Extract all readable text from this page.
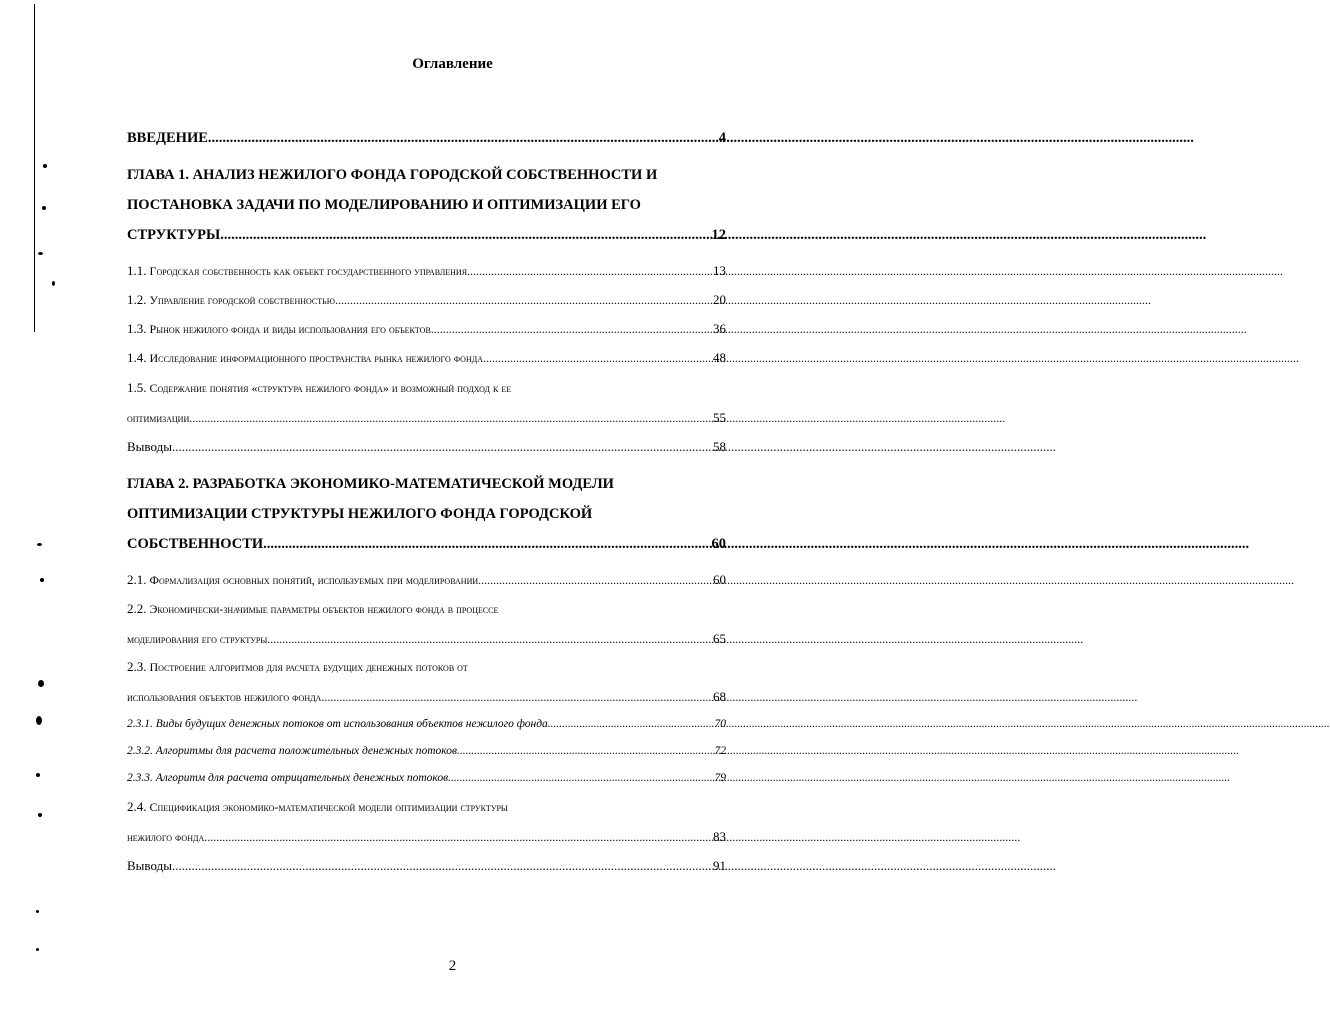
Оглавление
ВВЕДЕНИЕ .....	4
ГЛАВА 1. АНАЛИЗ НЕЖИЛОГО ФОНДА ГОРОДСКОЙ СОБСТВЕННОСТИ И
ПОСТАНОВКА ЗАДАЧИ ПО МОДЕЛИРОВАНИЮ И ОПТИМИЗАЦИИ ЕГО
СТРУКТУРЫ .....	12
1.1. Городская собственность как объект государственного управления .....	13
1.2. Управление городской собственностью .....	20
1.3. Рынок нежилого фонда и виды использования его объектов .....	36
1.4. Исследование информационного пространства рынка нежилого фонда .....	48
1.5. Содержание понятия «структура нежилого фонда» и возможный подход к ее
оптимизации .....	55
Выводы .....	58
ГЛАВА 2. РАЗРАБОТКА ЭКОНОМИКО-МАТЕМАТИЧЕСКОЙ МОДЕЛИ
ОПТИМИЗАЦИИ СТРУКТУРЫ НЕЖИЛОГО ФОНДА ГОРОДСКОЙ
СОБСТВЕННОСТИ .....	60
2.1. Формализация основных понятий, используемых при моделировании .....	60
2.2. Экономически-значимые параметры объектов нежилого фонда в процессе
моделирования его структуры .....	65
2.3. Построение алгоритмов для расчета будущих денежных потоков от
использования объектов нежилого фонда .....	68
2.3.1. Виды будущих денежных потоков от использования объектов нежилого фонда .....	70
2.3.2. Алгоритмы для расчета положительных денежных потоков .....	72
2.3.3. Алгоритм для расчета отрицательных денежных потоков .....	79
2.4. Спецификация экономико-математической модели оптимизации структуры
нежилого фонда .....	83
Выводы .....	91
2
